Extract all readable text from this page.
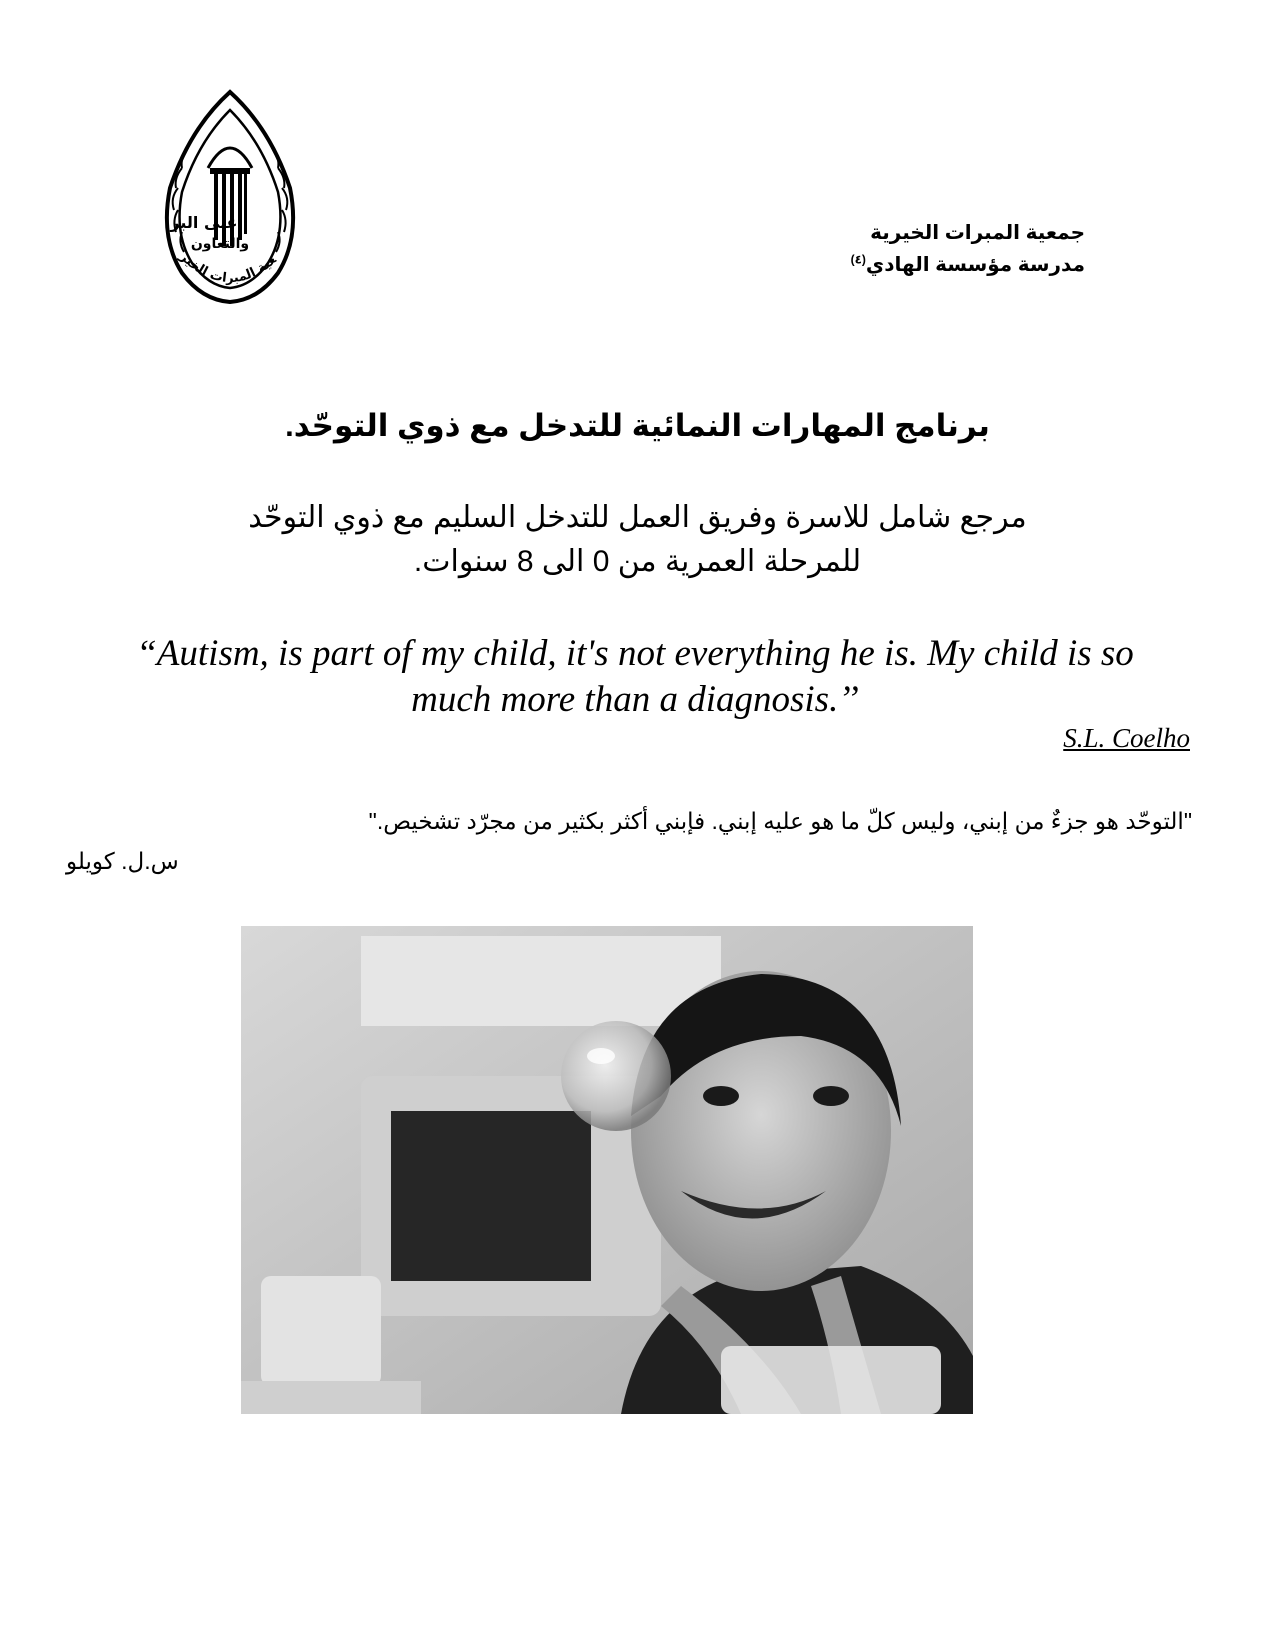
على البر
والتعاون
عية المبرات الخير
جمعية المبرات الخيرية
مدرسة مؤسسة الهادي$^{(٤)}$
برنامج المهارات النمائية للتدخل مع ذوي التوحّد.
مرجع شامل للاسرة وفريق العمل للتدخل السليم مع ذوي التوحّد
للمرحلة العمرية من 0 الى 8 سنوات.
“Autism, is part of my child, it's not everything he is. My child is so
much more than a diagnosis.’’
S.L. Coelho
"التوحّد هو جزءٌ من إبني، وليس كلّ ما هو عليه إبني. فإبني أكثر بكثير من مجرّد تشخيص."
س.ل. كويلو
